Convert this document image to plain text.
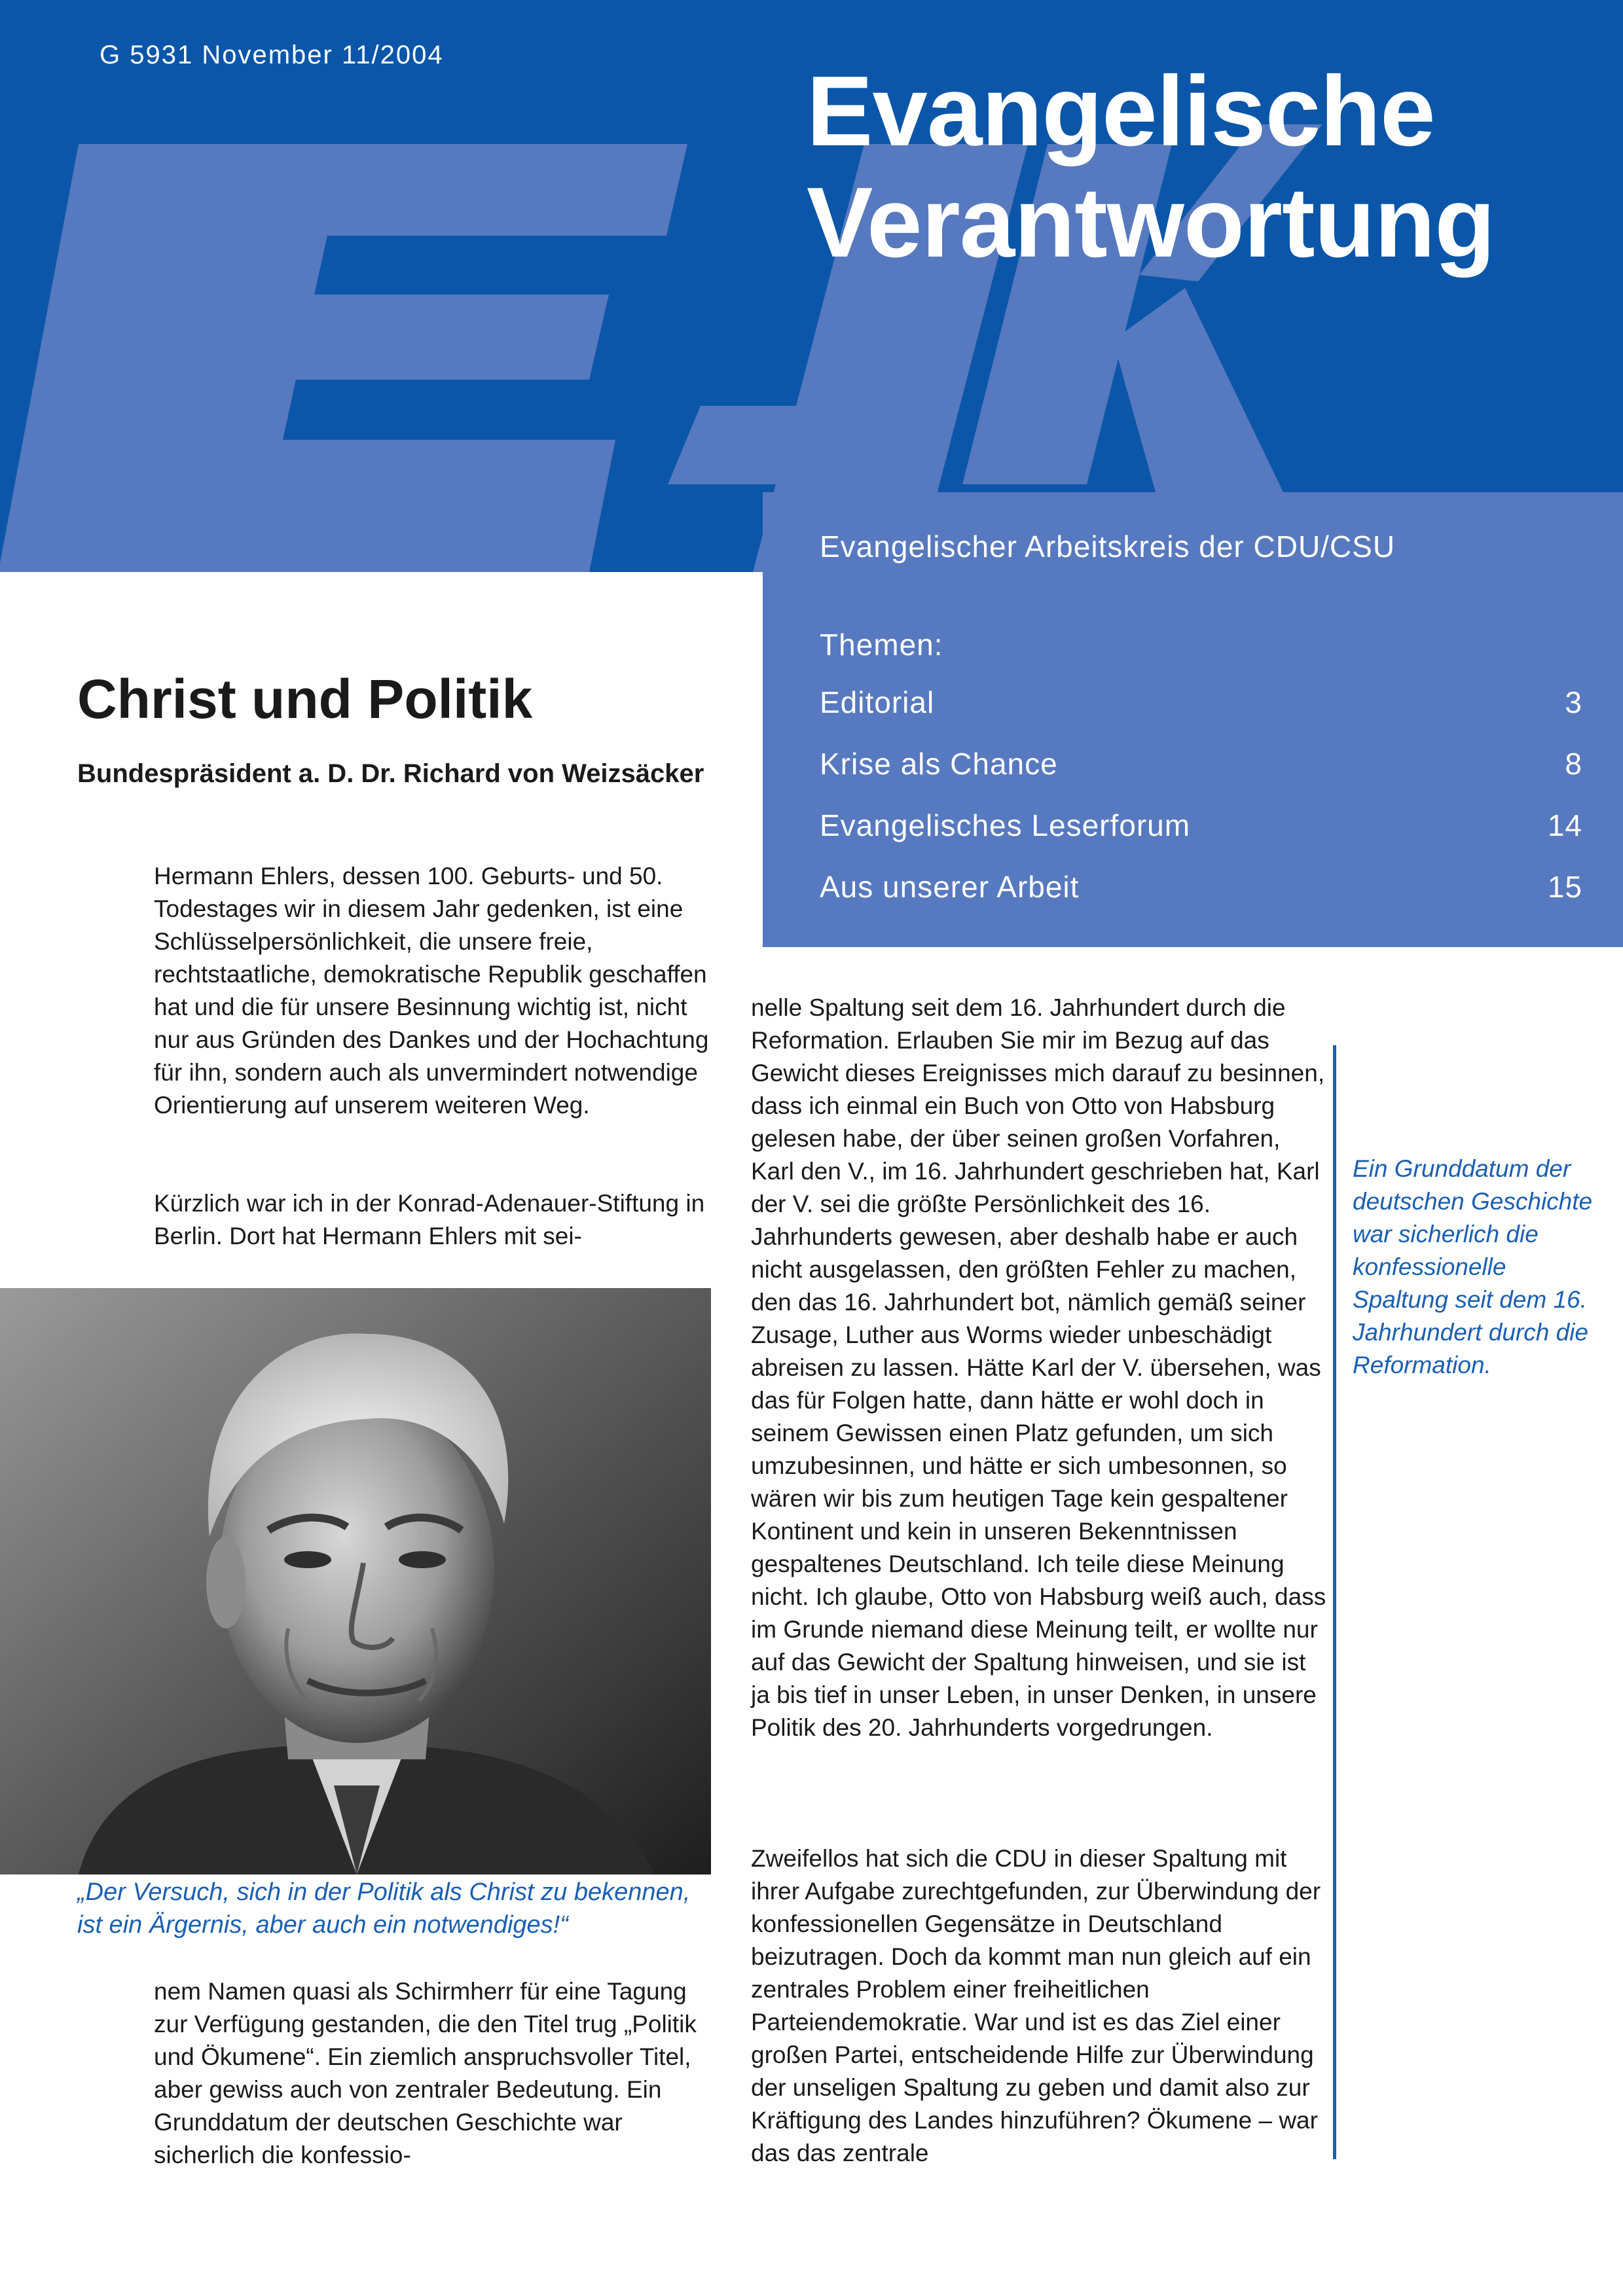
G 5931 November 11/2004
Evangelische
Verantwortung
Evangelischer Arbeitskreis der CDU/CSU
Themen:
Editorial	3
Krise als Chance	8
Evangelisches Leserforum	14
Aus unserer Arbeit	15
Christ und Politik
Bundespräsident a. D. Dr. Richard von Weizsäcker

Hermann Ehlers, dessen 100. Geburts- und 50. Todestages wir in diesem Jahr gedenken, ist eine Schlüsselpersönlichkeit, die unsere freie, rechtstaatliche, demokratische Republik geschaffen hat und die für unsere Besinnung wichtig ist, nicht nur aus Gründen des Dankes und der Hochachtung für ihn, sondern auch als unvermindert notwendige Orientierung auf unserem weiteren Weg.

Kürzlich war ich in der Konrad-Adenauer-Stiftung in Berlin. Dort hat Hermann Ehlers mit sei-

„Der Versuch, sich in der Politik als Christ zu bekennen, ist ein Ärgernis, aber auch ein notwendiges!“

nem Namen quasi als Schirmherr für eine Tagung zur Verfügung gestanden, die den Titel trug „Politik und Ökumene“. Ein ziemlich anspruchsvoller Titel, aber gewiss auch von zentraler Bedeutung. Ein Grunddatum der deutschen Geschichte war sicherlich die konfessio-

nelle Spaltung seit dem 16. Jahrhundert durch die Reformation. Erlauben Sie mir im Bezug auf das Gewicht dieses Ereignisses mich darauf zu besinnen, dass ich einmal ein Buch von Otto von Habsburg gelesen habe, der über seinen großen Vorfahren, Karl den V., im 16. Jahrhundert geschrieben hat, Karl der V. sei die größte Persönlichkeit des 16. Jahrhunderts gewesen, aber deshalb habe er auch nicht ausgelassen, den größten Fehler zu machen, den das 16. Jahrhundert bot, nämlich gemäß seiner Zusage, Luther aus Worms wieder unbeschädigt abreisen zu lassen. Hätte Karl der V. übersehen, was das für Folgen hatte, dann hätte er wohl doch in seinem Gewissen einen Platz gefunden, um sich umzubesinnen, und hätte er sich umbesonnen, so wären wir bis zum heutigen Tage kein gespaltener Kontinent und kein in unseren Bekenntnissen gespaltenes Deutschland. Ich teile diese Meinung nicht. Ich glaube, Otto von Habsburg weiß auch, dass im Grunde niemand diese Meinung teilt, er wollte nur auf das Gewicht der Spaltung hinweisen, und sie ist ja bis tief in unser Leben, in unser Denken, in unsere Politik des 20. Jahrhunderts vorgedrungen.

Zweifellos hat sich die CDU in dieser Spaltung mit ihrer Aufgabe zurechtgefunden, zur Überwindung der konfessionellen Gegensätze in Deutschland beizutragen. Doch da kommt man nun gleich auf ein zentrales Problem einer freiheitlichen Parteiendemokratie. War und ist es das Ziel einer großen Partei, entscheidende Hilfe zur Überwindung der unseligen Spaltung zu geben und damit also zur Kräftigung des Landes hinzuführen? Ökumene – war das das zentrale

Ein Grunddatum der deutschen Geschichte war sicherlich die konfessionelle Spaltung seit dem 16. Jahrhundert durch die Reformation.
